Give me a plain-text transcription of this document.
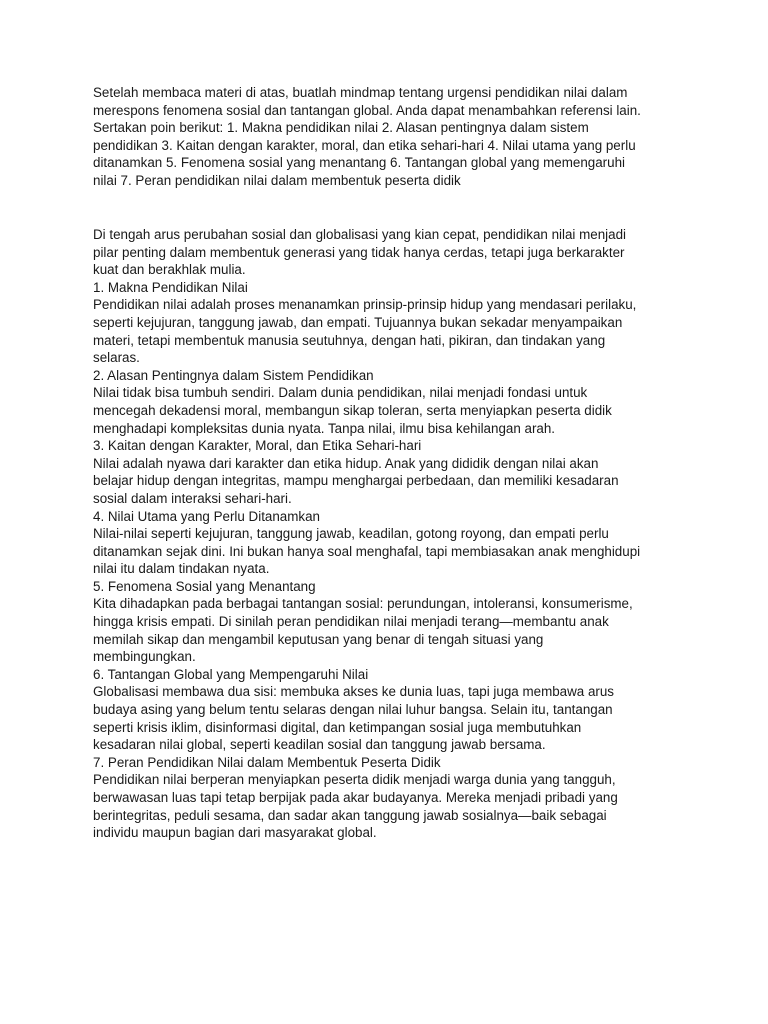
Setelah membaca materi di atas, buatlah mindmap tentang urgensi pendidikan nilai dalam
merespons fenomena sosial dan tantangan global. Anda dapat menambahkan referensi lain.
Sertakan poin berikut: 1. Makna pendidikan nilai 2. Alasan pentingnya dalam sistem
pendidikan 3. Kaitan dengan karakter, moral, dan etika sehari-hari 4. Nilai utama yang perlu
ditanamkan 5. Fenomena sosial yang menantang 6. Tantangan global yang memengaruhi
nilai 7. Peran pendidikan nilai dalam membentuk peserta didik
Di tengah arus perubahan sosial dan globalisasi yang kian cepat, pendidikan nilai menjadi
pilar penting dalam membentuk generasi yang tidak hanya cerdas, tetapi juga berkarakter
kuat dan berakhlak mulia.
1. Makna Pendidikan Nilai
Pendidikan nilai adalah proses menanamkan prinsip-prinsip hidup yang mendasari perilaku,
seperti kejujuran, tanggung jawab, dan empati. Tujuannya bukan sekadar menyampaikan
materi, tetapi membentuk manusia seutuhnya, dengan hati, pikiran, dan tindakan yang
selaras.
2. Alasan Pentingnya dalam Sistem Pendidikan
Nilai tidak bisa tumbuh sendiri. Dalam dunia pendidikan, nilai menjadi fondasi untuk
mencegah dekadensi moral, membangun sikap toleran, serta menyiapkan peserta didik
menghadapi kompleksitas dunia nyata. Tanpa nilai, ilmu bisa kehilangan arah.
3. Kaitan dengan Karakter, Moral, dan Etika Sehari-hari
Nilai adalah nyawa dari karakter dan etika hidup. Anak yang dididik dengan nilai akan
belajar hidup dengan integritas, mampu menghargai perbedaan, dan memiliki kesadaran
sosial dalam interaksi sehari-hari.
4. Nilai Utama yang Perlu Ditanamkan
Nilai-nilai seperti kejujuran, tanggung jawab, keadilan, gotong royong, dan empati perlu
ditanamkan sejak dini. Ini bukan hanya soal menghafal, tapi membiasakan anak menghidupi
nilai itu dalam tindakan nyata.
5. Fenomena Sosial yang Menantang
Kita dihadapkan pada berbagai tantangan sosial: perundungan, intoleransi, konsumerisme,
hingga krisis empati. Di sinilah peran pendidikan nilai menjadi terang—membantu anak
memilah sikap dan mengambil keputusan yang benar di tengah situasi yang
membingungkan.
6. Tantangan Global yang Mempengaruhi Nilai
Globalisasi membawa dua sisi: membuka akses ke dunia luas, tapi juga membawa arus
budaya asing yang belum tentu selaras dengan nilai luhur bangsa. Selain itu, tantangan
seperti krisis iklim, disinformasi digital, dan ketimpangan sosial juga membutuhkan
kesadaran nilai global, seperti keadilan sosial dan tanggung jawab bersama.
7. Peran Pendidikan Nilai dalam Membentuk Peserta Didik
Pendidikan nilai berperan menyiapkan peserta didik menjadi warga dunia yang tangguh,
berwawasan luas tapi tetap berpijak pada akar budayanya. Mereka menjadi pribadi yang
berintegritas, peduli sesama, dan sadar akan tanggung jawab sosialnya—baik sebagai
individu maupun bagian dari masyarakat global.
